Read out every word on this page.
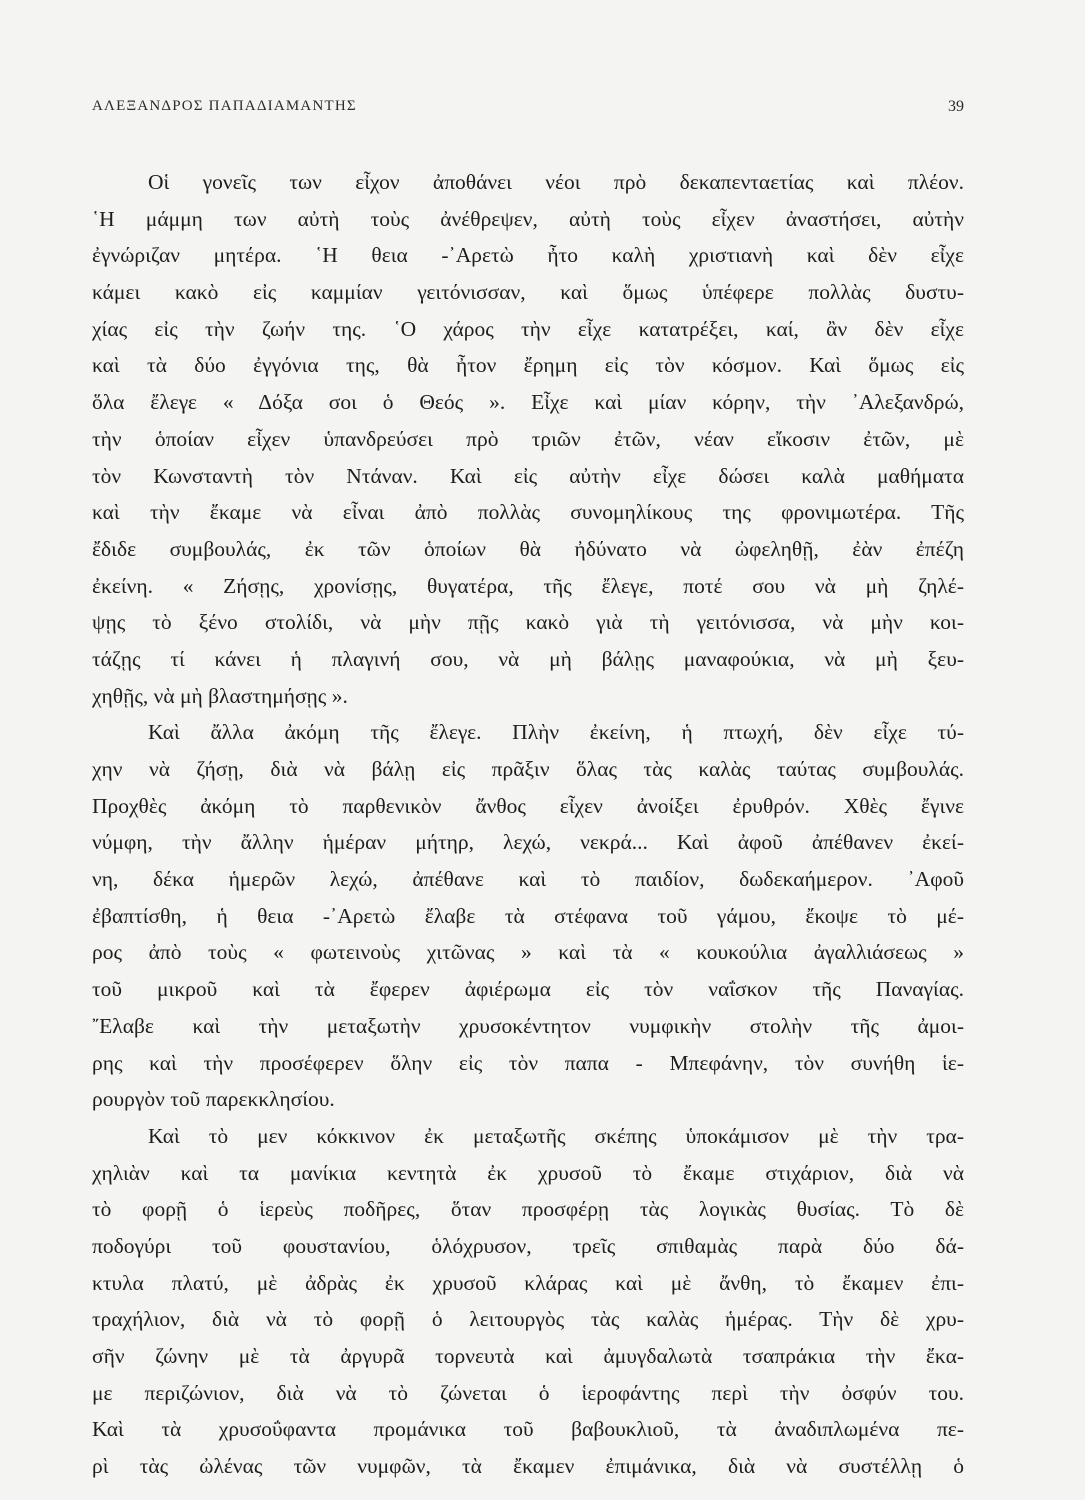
ΑΛΕΞΑΝΔΡΟΣ ΠΑΠΑΔΙΑΜΑΝΤΗΣ	39
Οἱ γονεῖς των εἶχον ἀποθάνει νέοι πρὸ δεκαπενταετίας καὶ πλέον.
῾Η μάμμη των αὐτὴ τοὺς ἀνέθρεψεν, αὐτὴ τοὺς εἶχεν ἀναστήσει, αὐτὴν
ἐγνώριζαν μητέρα. ῾Η θεια -᾿Αρετὼ ἦτο καλὴ χριστιανὴ καὶ δὲν εἶχε
κάμει κακὸ εἰς καμμίαν γειτόνισσαν, καὶ ὅμως ὑπέφερε πολλὰς δυστυ-
χίας εἰς τὴν ζωήν της. ῾Ο χάρος τὴν εἶχε κατατρέξει, καί, ἂν δὲν εἶχε
καὶ τὰ δύο ἐγγόνια της, θὰ ἦτον ἔρημη εἰς τὸν κόσμον. Καὶ ὅμως εἰς
ὅλα ἔλεγε « Δόξα σοι ὁ Θεός ». Εἶχε καὶ μίαν κόρην, τὴν ᾿Αλεξανδρώ,
τὴν ὁποίαν εἶχεν ὑπανδρεύσει πρὸ τριῶν ἐτῶν, νέαν εἴκοσιν ἐτῶν, μὲ
τὸν Κωνσταντὴ τὸν Ντάναν. Καὶ εἰς αὐτὴν εἶχε δώσει καλὰ μαθήματα
καὶ τὴν ἔκαμε νὰ εἶναι ἀπὸ πολλὰς συνομηλίκους της φρονιμωτέρα. Τῆς
ἔδιδε συμβουλάς, ἐκ τῶν ὁποίων θὰ ἠδύνατο νὰ ὠφεληθῇ, ἐὰν ἐπέζη
ἐκείνη. « Ζήσῃς, χρονίσῃς, θυγατέρα, τῆς ἔλεγε, ποτέ σου νὰ μὴ ζηλέ-
ψῃς τὸ ξένο στολίδι, νὰ μὴν πῇς κακὸ γιὰ τὴ γειτόνισσα, νὰ μὴν κοι-
τάζῃς τί κάνει ἡ πλαγινή σου, νὰ μὴ βάλῃς μαναφούκια, νὰ μὴ ξευ-
χηθῇς, νὰ μὴ βλαστημήσῃς ».
Καὶ ἄλλα ἀκόμη τῆς ἔλεγε. Πλὴν ἐκείνη, ἡ πτωχή, δὲν εἶχε τύ-
χην νὰ ζήσῃ, διὰ νὰ βάλῃ εἰς πρᾶξιν ὅλας τὰς καλὰς ταύτας συμβουλάς.
Προχθὲς ἀκόμη τὸ παρθενικὸν ἄνθος εἶχεν ἀνοίξει ἐρυθρόν. Χθὲς ἔγινε
νύμφη, τὴν ἄλλην ἡμέραν μήτηρ, λεχώ, νεκρά... Καὶ ἀφοῦ ἀπέθανεν ἐκεί-
νη, δέκα ἡμερῶν λεχώ, ἀπέθανε καὶ τὸ παιδίον, δωδεκαήμερον. ᾿Αφοῦ
ἐβαπτίσθη, ἡ θεια -᾿Αρετὼ ἔλαβε τὰ στέφανα τοῦ γάμου, ἔκοψε τὸ μέ-
ρος ἀπὸ τοὺς « φωτεινοὺς χιτῶνας » καὶ τὰ « κουκούλια ἀγαλλιάσεως »
τοῦ μικροῦ καὶ τὰ ἔφερεν ἀφιέρωμα εἰς τὸν ναΐσκον τῆς Παναγίας.
῎Ελαβε καὶ τὴν μεταξωτὴν χρυσοκέντητον νυμφικὴν στολὴν τῆς ἀμοι-
ρης καὶ τὴν προσέφερεν ὅλην εἰς τὸν παπα - Μπεφάνην, τὸν συνήθη ἱε-
ρουργὸν τοῦ παρεκκλησίου.
Καὶ τὸ μεν κόκκινον ἐκ μεταξωτῆς σκέπης ὑποκάμισον μὲ τὴν τρα-
χηλιὰν καὶ τα μανίκια κεντητὰ ἐκ χρυσοῦ τὸ ἔκαμε στιχάριον, διὰ νὰ
τὸ φορῇ ὁ ἱερεὺς ποδῆρες, ὅταν προσφέρῃ τὰς λογικὰς θυσίας. Τὸ δὲ
ποδογύρι τοῦ φουστανίου, ὁλόχρυσον, τρεῖς σπιθαμὰς παρὰ δύο δά-
κτυλα πλατύ, μὲ ἀδρὰς ἐκ χρυσοῦ κλάρας καὶ μὲ ἄνθη, τὸ ἔκαμεν ἐπι-
τραχήλιον, διὰ νὰ τὸ φορῇ ὁ λειτουργὸς τὰς καλὰς ἡμέρας. Τὴν δὲ χρυ-
σῆν ζώνην μὲ τὰ ἀργυρᾶ τορνευτὰ καὶ ἀμυγδαλωτὰ τσαπράκια τὴν ἔκα-
με περιζώνιον, διὰ νὰ τὸ ζώνεται ὁ ἱεροφάντης περὶ τὴν ὀσφύν του.
Καὶ τὰ χρυσοΰφαντα προμάνικα τοῦ βαβουκλιοῦ, τὰ ἀναδιπλωμένα πε-
ρὶ τὰς ὠλένας τῶν νυμφῶν, τὰ ἔκαμεν ἐπιμάνικα, διὰ νὰ συστέλλῃ ὁ
